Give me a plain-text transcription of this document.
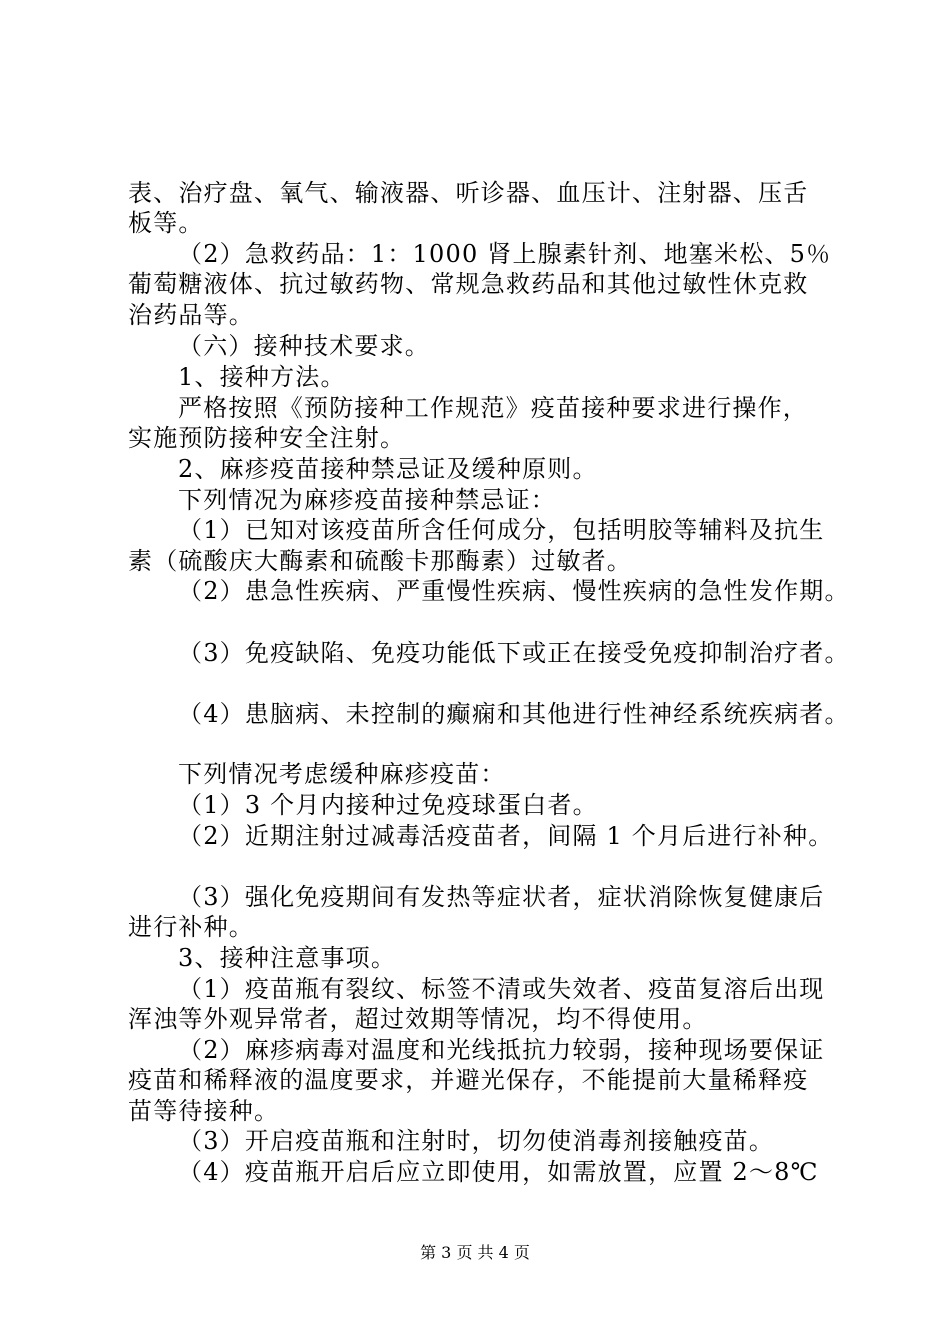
表、治疗盘、氧气、输液器、听诊器、血压计、注射器、压舌
板等。
（2）急救药品：1：1000 肾上腺素针剂、地塞米松、5％
葡萄糖液体、抗过敏药物、常规急救药品和其他过敏性休克救
治药品等。
（六）接种技术要求。
1、接种方法。
严格按照《预防接种工作规范》疫苗接种要求进行操作，
实施预防接种安全注射。
2、麻疹疫苗接种禁忌证及缓种原则。
下列情况为麻疹疫苗接种禁忌证：
（1）已知对该疫苗所含任何成分，包括明胶等辅料及抗生
素（硫酸庆大酶素和硫酸卡那酶素）过敏者。
（2）患急性疾病、严重慢性疾病、慢性疾病的急性发作期。
（3）免疫缺陷、免疫功能低下或正在接受免疫抑制治疗者。
（4）患脑病、未控制的癫痫和其他进行性神经系统疾病者。
下列情况考虑缓种麻疹疫苗：
（1）3 个月内接种过免疫球蛋白者。
（2）近期注射过减毒活疫苗者，间隔 1 个月后进行补种。
（3）强化免疫期间有发热等症状者，症状消除恢复健康后
进行补种。
3、接种注意事项。
（1）疫苗瓶有裂纹、标签不清或失效者、疫苗复溶后出现
浑浊等外观异常者，超过效期等情况，均不得使用。
（2）麻疹病毒对温度和光线抵抗力较弱，接种现场要保证
疫苗和稀释液的温度要求，并避光保存，不能提前大量稀释疫
苗等待接种。
（3）开启疫苗瓶和注射时，切勿使消毒剂接触疫苗。
（4）疫苗瓶开启后应立即使用，如需放置，应置 2～8℃
第 3 页 共 4 页
